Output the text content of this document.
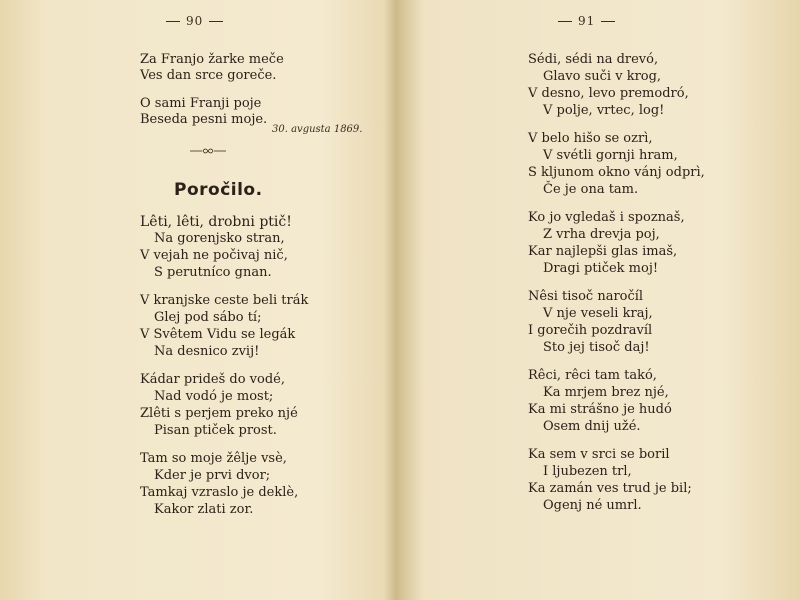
90
Za Franjo žarke meče
Ves dan srce goreče.
O sami Franji poje
Beseda pesni moje.
30. avgusta 1869.
Poročilo.
Lêti, lêti, drobni ptič!
Na gorenjsko stran,
V vejah ne počivaj nič,
S perutníco gnan.
V kranjske ceste beli trák
Glej pod sábo tí;
V Svêtem Vidu se legák
Na desnico zvij!
Kádar prideš do vodé,
Nad vodó je most;
Zlêti s perjem preko njé
Pisan ptiček prost.
Tam so moje žêlje vsè,
Kder je prvi dvor;
Tamkaj vzraslo je deklè,
Kakor zlati zor.
91
Sédi, sédi na drevó,
Glavo suči v krog,
V desno, levo premodró,
V polje, vrtec, log!
V belo hišo se ozrì,
V svétli gornji hram,
S kljunom okno vánj odprì,
Če je ona tam.
Ko jo vgledaš i spoznaš,
Z vrha drevja poj,
Kar najlepši glas imaš,
Dragi ptiček moj!
Nêsi tisoč naročíl
V nje veseli kraj,
I gorečih pozdravíl
Sto jej tisoč daj!
Rêci, rêci tam takó,
Ka mrjem brez njé,
Ka mi strášno je hudó
Osem dnij užé.
Ka sem v srci se boril
I ljubezen trl,
Ka zamán ves trud je bil;
Ogenj né umrl.
